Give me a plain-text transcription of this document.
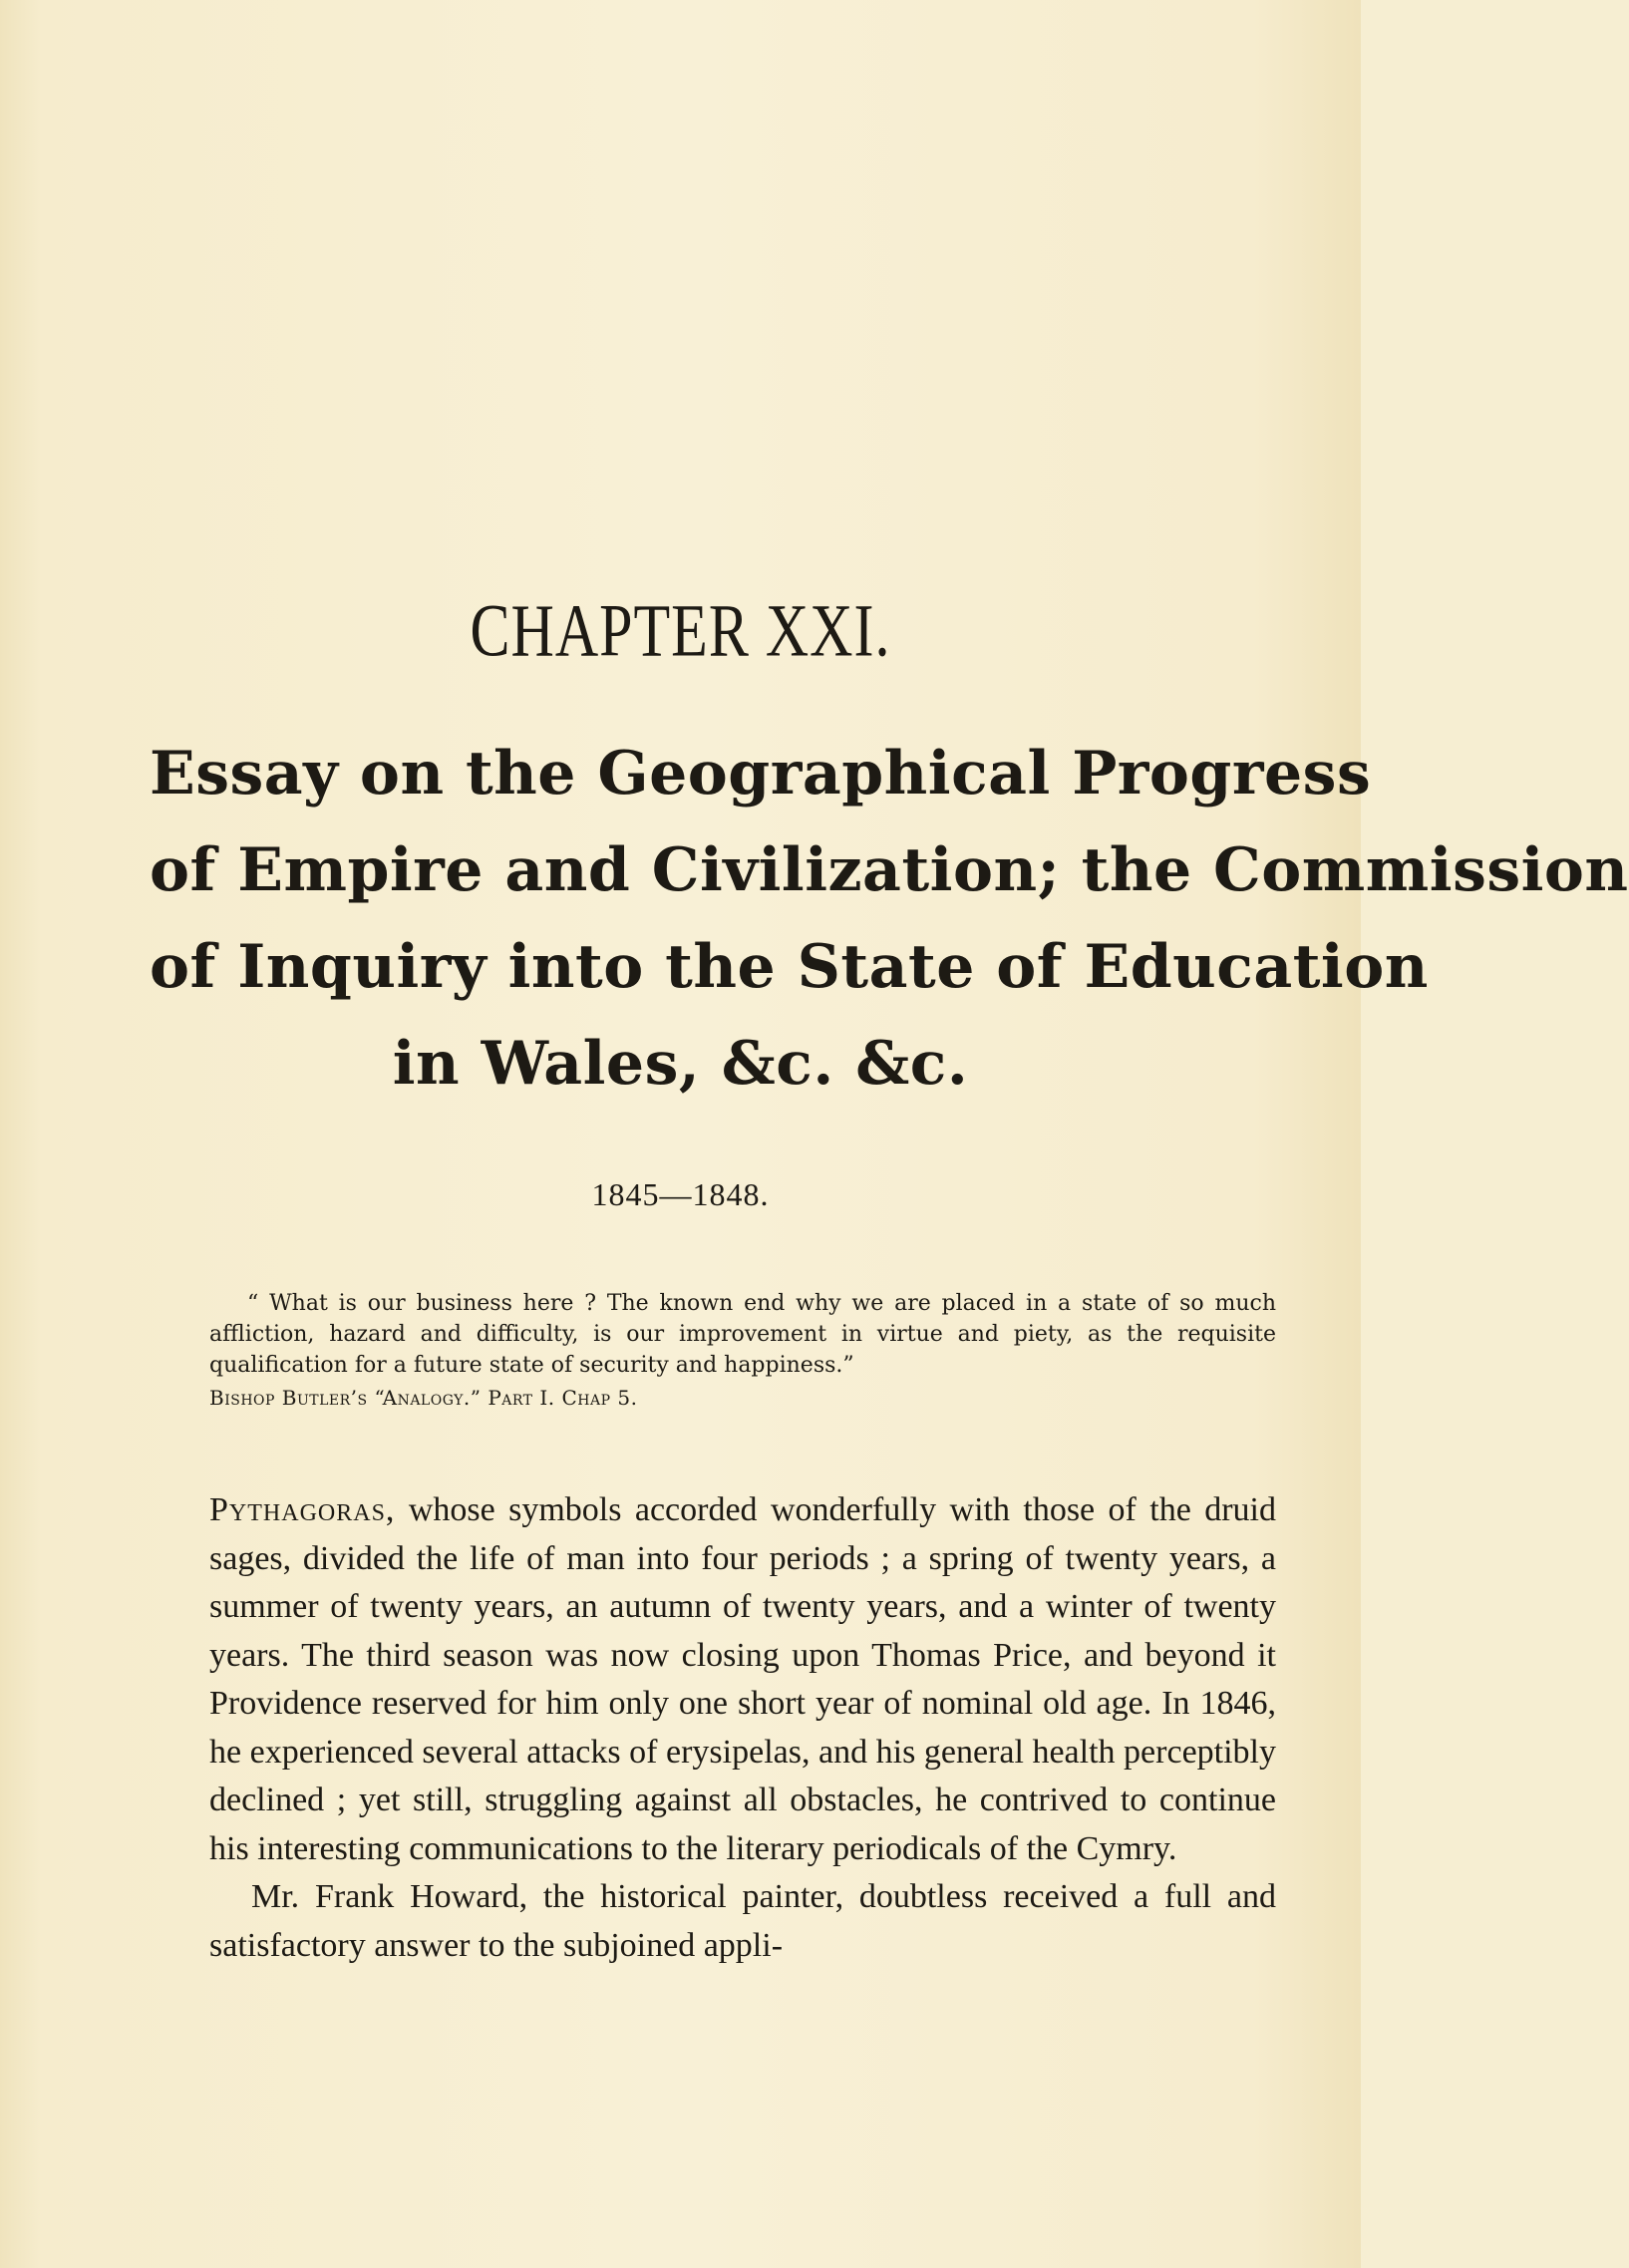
CHAPTER XXI.
Essay on the Geographical Progress
of Empire and Civilization; the Commission
of Inquiry into the State of Education
in Wales, &c. &c.
1845—1848.

“ What is our business here ? The known end why we are placed in a state of so much affliction, hazard and difficulty, is our improvement in virtue and piety, as the requisite qualification for a future state of security and happiness.”

Bishop Butler’s “Analogy.” Part I. Chap 5.

Pythagoras, whose symbols accorded wonderfully with those of the druid sages, divided the life of man into four periods ; a spring of twenty years, a summer of twenty years, an autumn of twenty years, and a winter of twenty years. The third season was now closing upon Thomas Price, and beyond it Providence reserved for him only one short year of nominal old age. In 1846, he experienced several attacks of erysipelas, and his general health perceptibly declined ; yet still, struggling against all obstacles, he contrived to continue his interesting communications to the literary periodicals of the Cymry.

Mr. Frank Howard, the historical painter, doubtless received a full and satisfactory answer to the subjoined appli-
